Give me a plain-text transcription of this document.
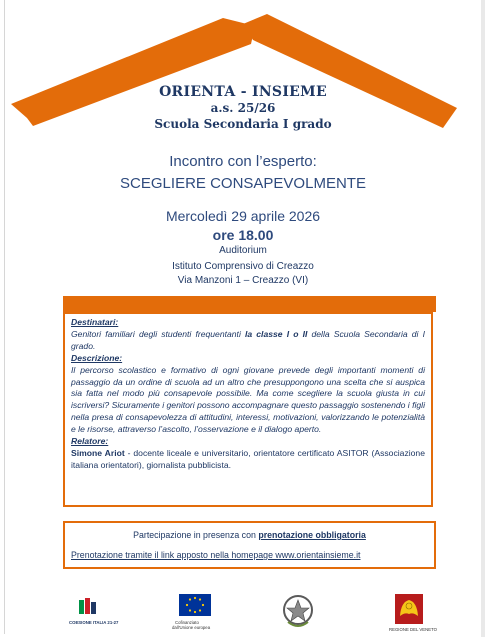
ORIENTA - INSIEME
a.s. 25/26
Scuola Secondaria I grado
Incontro con l’esperto:
SCEGLIERE CONSAPEVOLMENTE
Mercoledì 29 aprile 2026
ore 18.00
Auditorium
Istituto Comprensivo di Creazzo
Via Manzoni 1 – Creazzo (VI)
Destinatari:

Genitori familiari degli studenti frequentanti la classe I o II della Scuola Secondaria di I grado.

Descrizione:

Il percorso scolastico e formativo di ogni giovane prevede degli importanti momenti di passaggio da un ordine di scuola ad un altro che presuppongono una scelta che si auspica sia fatta nel modo più consapevole possibile. Ma come scegliere la scuola giusta in cui iscriversi? Sicuramente i genitori possono accompagnare questo passaggio sostenendo i figli nella presa di consapevolezza di attitudini, interessi, motivazioni, valorizzando le potenzialità e le risorse, attraverso l’ascolto, l’osservazione e il dialogo aperto.

Relatore:

Simone Ariot - docente liceale e universitario, orientatore certificato ASITOR (Associazione italiana orientatori), giornalista pubblicista.

Partecipazione in presenza con prenotazione obbligatoria
Prenotazione tramite il link apposto nella homepage www.orientainsieme.it
COESIONE ITALIA 21-27	Cofinanziato
dall'Unione europea	REGIONE DEL VENETO
